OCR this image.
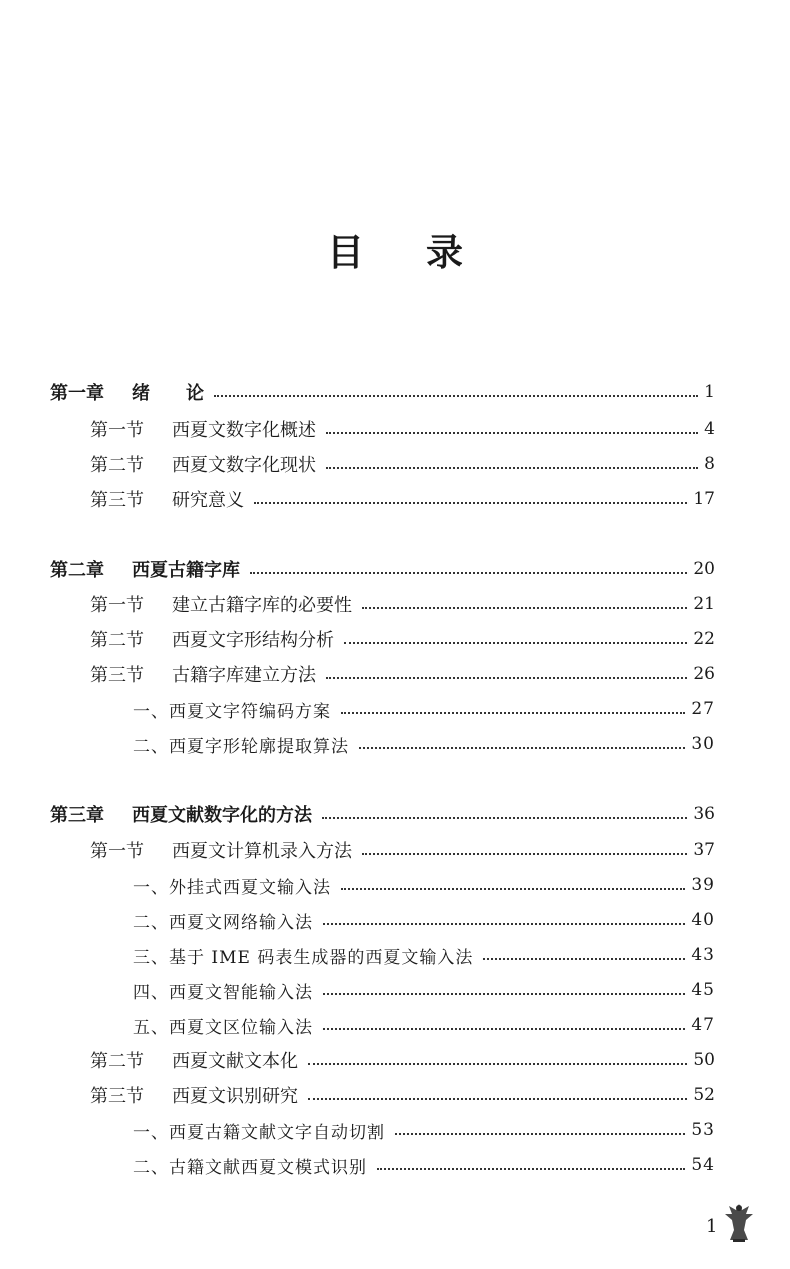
目录
第一章	绪　　论	1
第一节	西夏文数字化概述	4
第二节	西夏文数字化现状	8
第三节	研究意义	17
第二章	西夏古籍字库	20
第一节	建立古籍字库的必要性	21
第二节	西夏文字形结构分析	22
第三节	古籍字库建立方法	26
一、西夏文字符编码方案	27
二、西夏字形轮廓提取算法	30
第三章	西夏文献数字化的方法	36
第一节	西夏文计算机录入方法	37
一、外挂式西夏文输入法	39
二、西夏文网络输入法	40
三、基于 IME 码表生成器的西夏文输入法	43
四、西夏文智能输入法	45
五、西夏文区位输入法	47
第二节	西夏文献文本化	50
第三节	西夏文识别研究	52
一、西夏古籍文献文字自动切割	53
二、古籍文献西夏文模式识别	54
1
